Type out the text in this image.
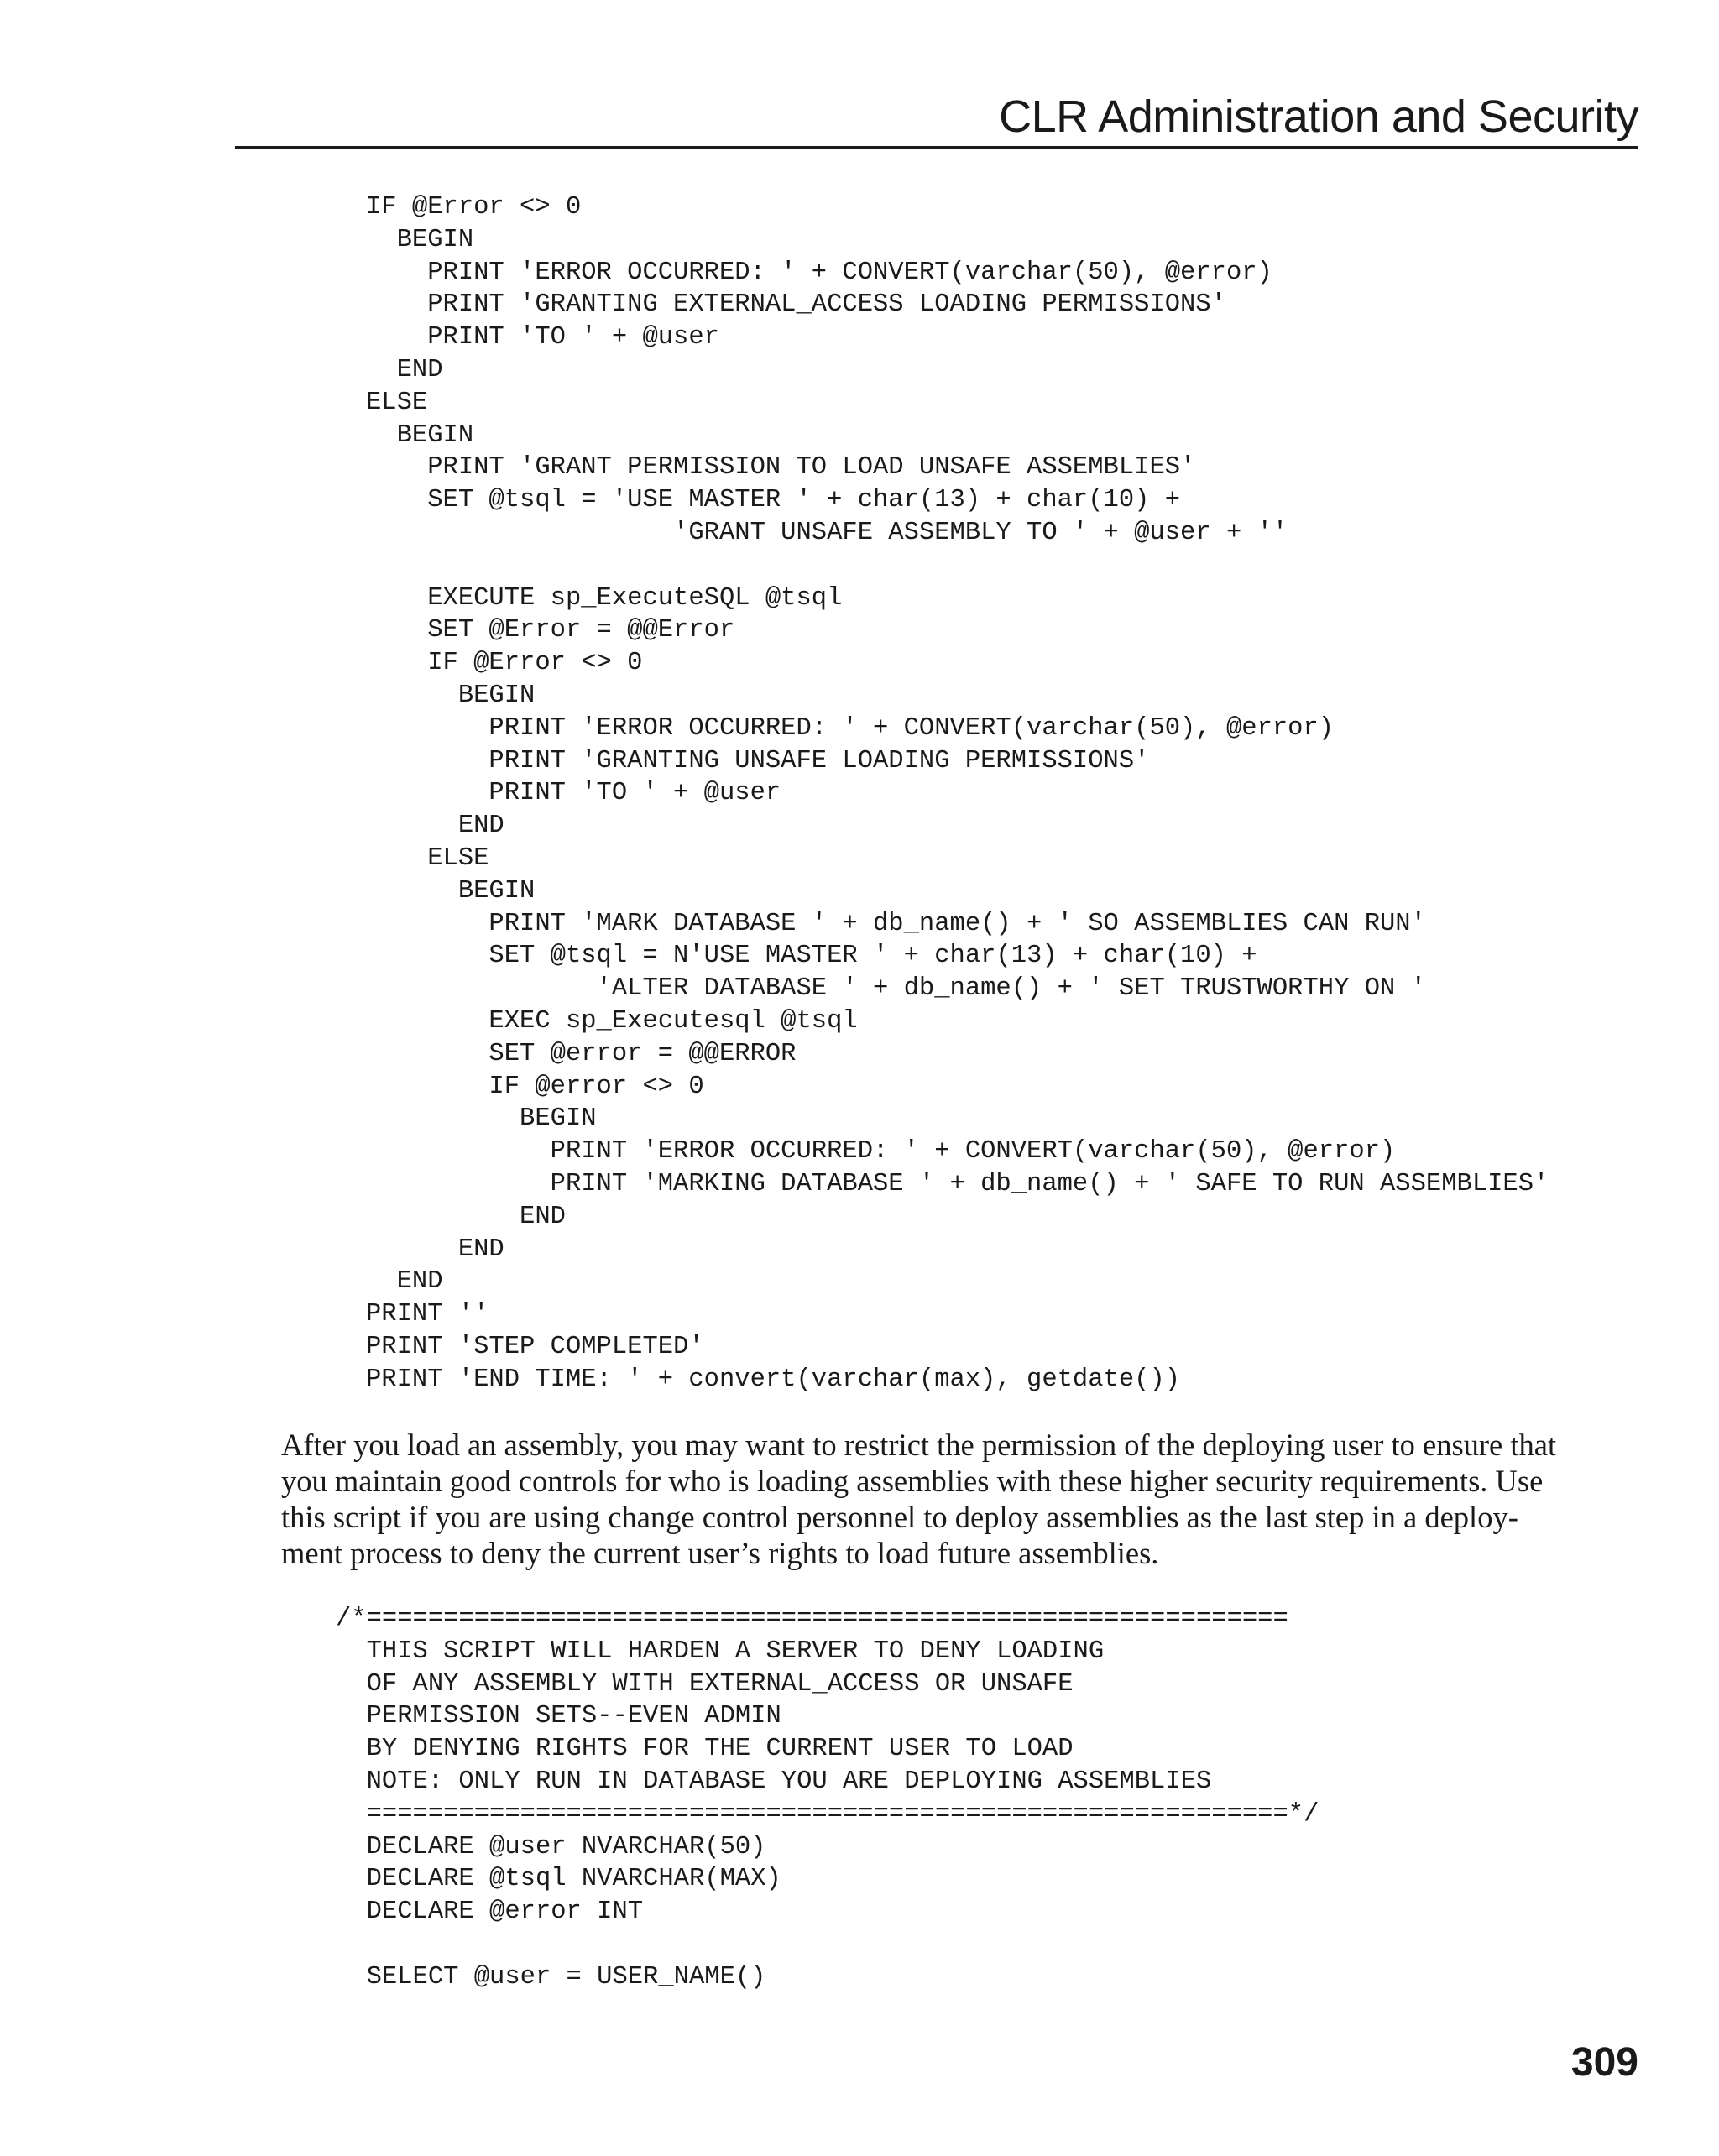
CLR Administration and Security
IF @Error <> 0
BEGIN
PRINT 'ERROR OCCURRED: ' + CONVERT(varchar(50), @error)
PRINT 'GRANTING EXTERNAL_ACCESS LOADING PERMISSIONS'
PRINT 'TO ' + @user
END
ELSE
BEGIN
PRINT 'GRANT PERMISSION TO LOAD UNSAFE ASSEMBLIES'
SET @tsql = 'USE MASTER ' + char(13) + char(10) +
'GRANT UNSAFE ASSEMBLY TO ' + @user + ''

EXECUTE sp_ExecuteSQL @tsql
SET @Error = @@Error
IF @Error <> 0
BEGIN
PRINT 'ERROR OCCURRED: ' + CONVERT(varchar(50), @error)
PRINT 'GRANTING UNSAFE LOADING PERMISSIONS'
PRINT 'TO ' + @user
END
ELSE
BEGIN
PRINT 'MARK DATABASE ' + db_name() + ' SO ASSEMBLIES CAN RUN'
SET @tsql = N'USE MASTER ' + char(13) + char(10) +
'ALTER DATABASE ' + db_name() + ' SET TRUSTWORTHY ON '
EXEC sp_Executesql @tsql
SET @error = @@ERROR
IF @error <> 0
BEGIN
PRINT 'ERROR OCCURRED: ' + CONVERT(varchar(50), @error)
PRINT 'MARKING DATABASE ' + db_name() + ' SAFE TO RUN ASSEMBLIES'
END
END
END
PRINT ''
PRINT 'STEP COMPLETED'
PRINT 'END TIME: ' + convert(varchar(max), getdate())

After you load an assembly, you may want to restrict the permission of the deploying user to ensure that
you maintain good controls for who is loading assemblies with these higher security requirements. Use
this script if you are using change control personnel to deploy assemblies as the last step in a deploy-
ment process to deny the current user’s rights to load future assemblies.

/*============================================================
THIS SCRIPT WILL HARDEN A SERVER TO DENY LOADING
OF ANY ASSEMBLY WITH EXTERNAL_ACCESS OR UNSAFE
PERMISSION SETS--EVEN ADMIN
BY DENYING RIGHTS FOR THE CURRENT USER TO LOAD
NOTE: ONLY RUN IN DATABASE YOU ARE DEPLOYING ASSEMBLIES
============================================================*/
DECLARE @user NVARCHAR(50)
DECLARE @tsql NVARCHAR(MAX)
DECLARE @error INT

SELECT @user = USER_NAME()
309
